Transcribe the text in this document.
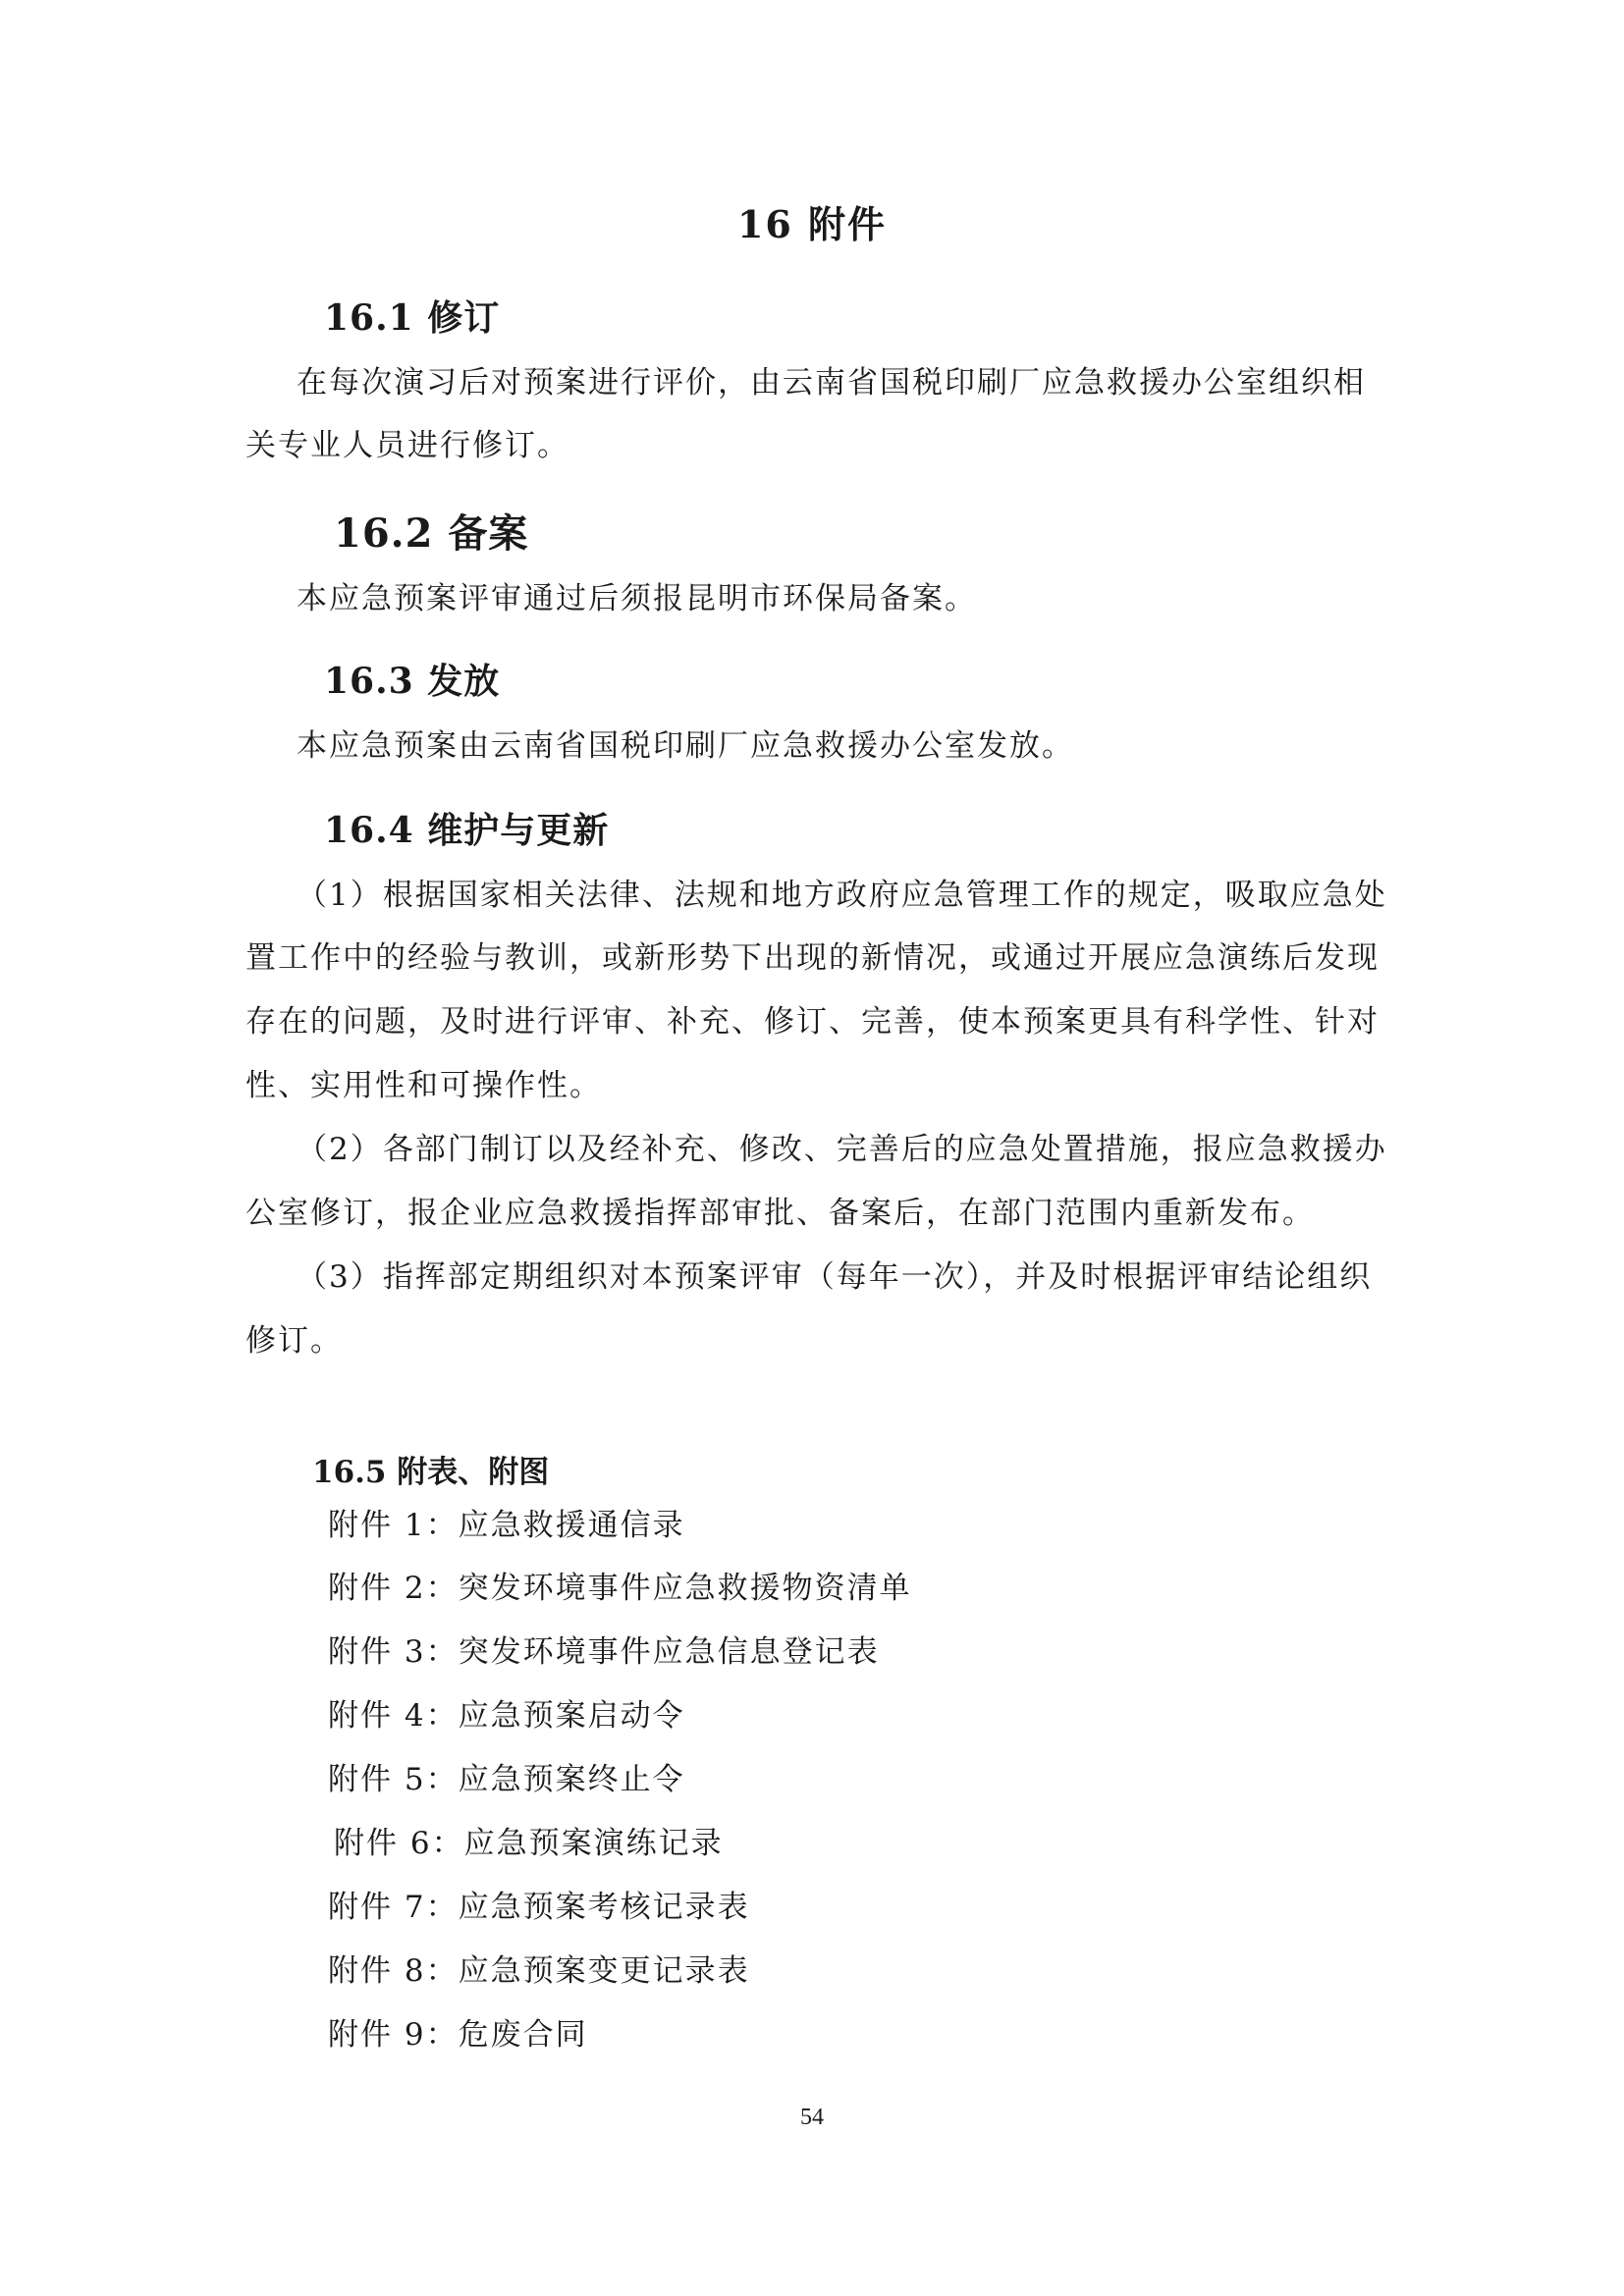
16 附件
16.1 修订
在每次演习后对预案进行评价，由云南省国税印刷厂应急救援办公室组织相
关专业人员进行修订。
16.2 备案
本应急预案评审通过后须报昆明市环保局备案。
16.3 发放
本应急预案由云南省国税印刷厂应急救援办公室发放。
16.4 维护与更新
（1）根据国家相关法律、法规和地方政府应急管理工作的规定，吸取应急处
置工作中的经验与教训，或新形势下出现的新情况，或通过开展应急演练后发现
存在的问题，及时进行评审、补充、修订、完善，使本预案更具有科学性、针对
性、实用性和可操作性。
（2）各部门制订以及经补充、修改、完善后的应急处置措施，报应急救援办
公室修订，报企业应急救援指挥部审批、备案后，在部门范围内重新发布。
（3）指挥部定期组织对本预案评审（每年一次），并及时根据评审结论组织
修订。
16.5 附表、附图
附件 1：应急救援通信录
附件 2：突发环境事件应急救援物资清单
附件 3：突发环境事件应急信息登记表
附件 4：应急预案启动令
附件 5：应急预案终止令
附件 6：应急预案演练记录
附件 7：应急预案考核记录表
附件 8：应急预案变更记录表
附件 9：危废合同
54
